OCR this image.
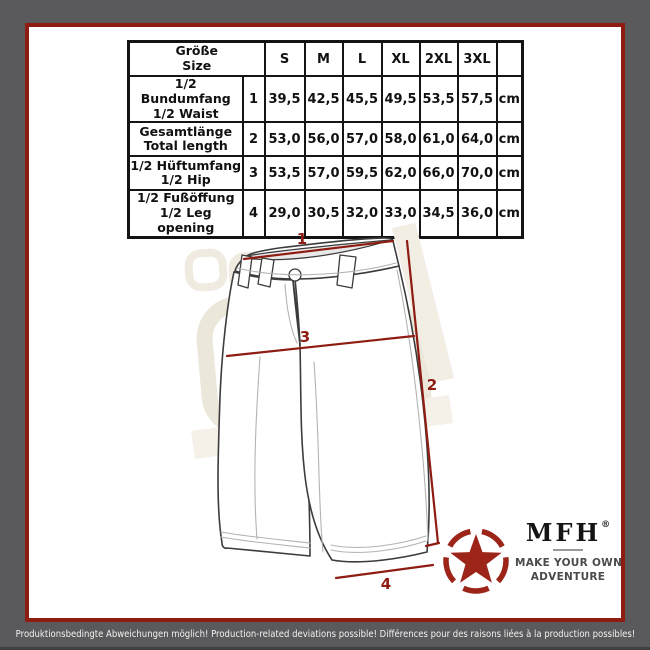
Größe
Size		S	M	L	XL	2XL	3XL	

1/2 Bundumfang
1/2 Waist	1	39,5	42,5	45,5	49,5	53,5	57,5	cm

Gesamtlänge
Total length	2	53,0	56,0	57,0	58,0	61,0	64,0	cm

1/2 Hüftumfang
1/2 Hip	3	53,5	57,0	59,5	62,0	66,0	70,0	cm

1/2 Fußöffung
1/2 Leg opening	4	29,0	30,5	32,0	33,0	34,5	36,0	cm
1
2
3
4
MFH®
MAKE YOUR OWN
ADVENTURE
Produktionsbedingte Abweichungen möglich! Production-related deviations possible! Différences pour des raisons liées à la production possibles!
